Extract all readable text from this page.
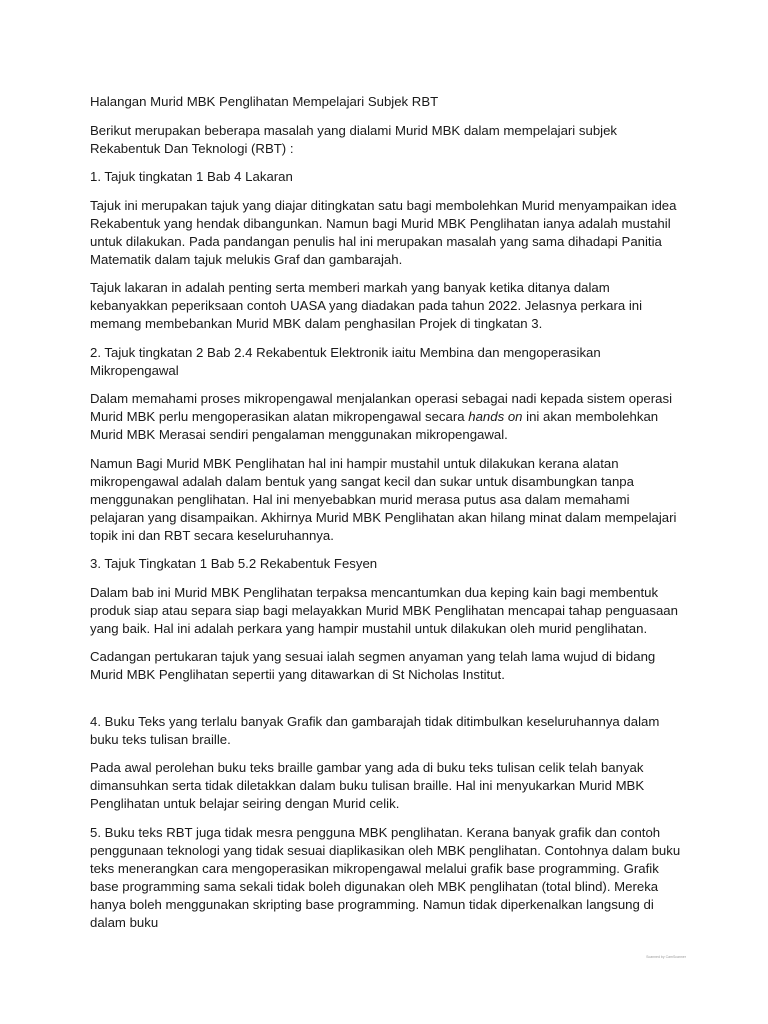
Halangan Murid MBK Penglihatan Mempelajari Subjek RBT

Berikut merupakan beberapa masalah yang dialami Murid MBK dalam mempelajari subjek Rekabentuk Dan Teknologi (RBT) :

1. Tajuk tingkatan 1 Bab 4 Lakaran

Tajuk ini merupakan tajuk yang diajar ditingkatan satu bagi membolehkan Murid menyampaikan idea Rekabentuk yang hendak dibangunkan. Namun bagi Murid MBK Penglihatan ianya adalah mustahil untuk dilakukan. Pada pandangan penulis hal ini merupakan masalah yang sama dihadapi Panitia Matematik dalam tajuk melukis Graf dan gambarajah.

Tajuk lakaran in adalah penting serta memberi markah yang banyak ketika ditanya dalam kebanyakkan peperiksaan contoh UASA yang diadakan pada tahun 2022. Jelasnya perkara ini memang membebankan Murid MBK dalam penghasilan Projek di tingkatan 3.

2. Tajuk tingkatan 2 Bab 2.4 Rekabentuk Elektronik iaitu Membina dan mengoperasikan Mikropengawal

Dalam memahami proses mikropengawal menjalankan operasi sebagai nadi kepada sistem operasi Murid MBK perlu mengoperasikan alatan mikropengawal secara hands on ini akan membolehkan Murid MBK Merasai sendiri pengalaman menggunakan mikropengawal.

Namun Bagi Murid MBK Penglihatan hal ini hampir mustahil untuk dilakukan kerana alatan mikropengawal adalah dalam bentuk yang sangat kecil dan sukar untuk disambungkan tanpa menggunakan penglihatan. Hal ini menyebabkan murid merasa putus asa dalam memahami pelajaran yang disampaikan. Akhirnya Murid MBK Penglihatan akan hilang minat dalam mempelajari topik ini dan RBT secara keseluruhannya.

3. Tajuk Tingkatan 1 Bab 5.2 Rekabentuk Fesyen

Dalam bab ini Murid MBK Penglihatan terpaksa mencantumkan dua keping kain bagi membentuk produk siap atau separa siap bagi melayakkan Murid MBK Penglihatan mencapai tahap penguasaan yang baik. Hal ini adalah perkara yang hampir mustahil untuk dilakukan oleh murid penglihatan.

Cadangan pertukaran tajuk yang sesuai ialah segmen anyaman yang telah lama wujud di bidang Murid MBK Penglihatan sepertii yang ditawarkan di St Nicholas Institut.

4. Buku Teks yang terlalu banyak Grafik dan gambarajah tidak ditimbulkan keseluruhannya dalam buku teks tulisan braille.

Pada awal perolehan buku teks braille gambar yang ada di buku teks tulisan celik telah banyak dimansuhkan serta tidak diletakkan dalam buku tulisan braille. Hal ini menyukarkan Murid MBK Penglihatan untuk belajar seiring dengan Murid celik.

5. Buku teks RBT juga tidak mesra pengguna MBK penglihatan. Kerana banyak grafik dan contoh penggunaan teknologi yang tidak sesuai diaplikasikan oleh MBK penglihatan. Contohnya dalam buku teks menerangkan cara mengoperasikan mikropengawal melalui grafik base programming. Grafik base programming sama sekali tidak boleh digunakan oleh MBK penglihatan (total blind). Mereka hanya boleh menggunakan skripting base programming. Namun tidak diperkenalkan langsung di dalam buku

Scanned by CamScanner
